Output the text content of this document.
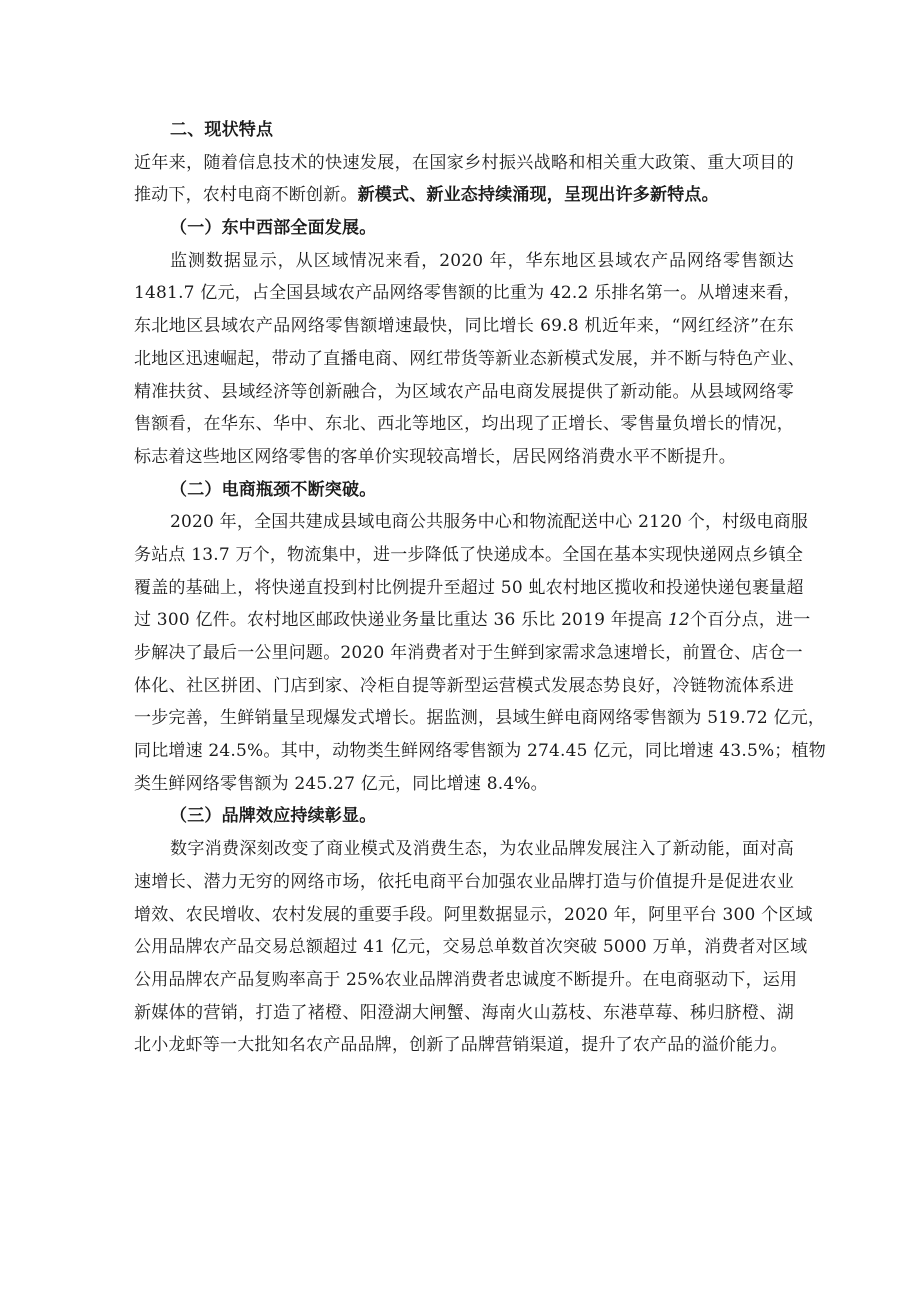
二、现状特点
近年来，随着信息技术的快速发展，在国家乡村振兴战略和相关重大政策、重大项目的
推动下，农村电商不断创新。新模式、新业态持续涌现，呈现出许多新特点。
（一）东中西部全面发展。
监测数据显示，从区域情况来看，2020 年，华东地区县域农产品网络零售额达
1481.7 亿元，占全国县域农产品网络零售额的比重为 42.2 乐排名第一。从增速来看，
东北地区县域农产品网络零售额增速最快，同比增长 69.8 机近年来，“网红经济”在东
北地区迅速崛起，带动了直播电商、网红带货等新业态新模式发展，并不断与特色产业、
精准扶贫、县域经济等创新融合，为区域农产品电商发展提供了新动能。从县域网络零
售额看，在华东、华中、东北、西北等地区，均出现了正增长、零售量负增长的情况，
标志着这些地区网络零售的客单价实现较高增长，居民网络消费水平不断提升。
（二）电商瓶颈不断突破。
2020 年，全国共建成县域电商公共服务中心和物流配送中心 2120 个，村级电商服
务站点 13.7 万个，物流集中，进一步降低了快递成本。全国在基本实现快递网点乡镇全
覆盖的基础上，将快递直投到村比例提升至超过 50 虬农村地区揽收和投递快递包裹量超
过 300 亿件。农村地区邮政快递业务量比重达 36 乐比 2019 年提高 12个百分点，进一
步解决了最后一公里问题。2020 年消费者对于生鲜到家需求急速增长，前置仓、店仓一
体化、社区拼团、门店到家、冷柜自提等新型运营模式发展态势良好，冷链物流体系进
一步完善，生鲜销量呈现爆发式增长。据监测，县域生鲜电商网络零售额为 519.72 亿元，
同比增速 24.5%。其中，动物类生鲜网络零售额为 274.45 亿元，同比增速 43.5%；植物
类生鲜网络零售额为 245.27 亿元，同比增速 8.4%。
（三）品牌效应持续彰显。
数字消费深刻改变了商业模式及消费生态，为农业品牌发展注入了新动能，面对高
速增长、潜力无穷的网络市场，依托电商平台加强农业品牌打造与价值提升是促进农业
增效、农民增收、农村发展的重要手段。阿里数据显示，2020 年，阿里平台 300 个区域
公用品牌农产品交易总额超过 41 亿元，交易总单数首次突破 5000 万单，消费者对区域
公用品牌农产品复购率高于 25%农业品牌消费者忠诚度不断提升。在电商驱动下，运用
新媒体的营销，打造了褚橙、阳澄湖大闸蟹、海南火山荔枝、东港草莓、秭归脐橙、湖
北小龙虾等一大批知名农产品品牌，创新了品牌营销渠道，提升了农产品的溢价能力。
